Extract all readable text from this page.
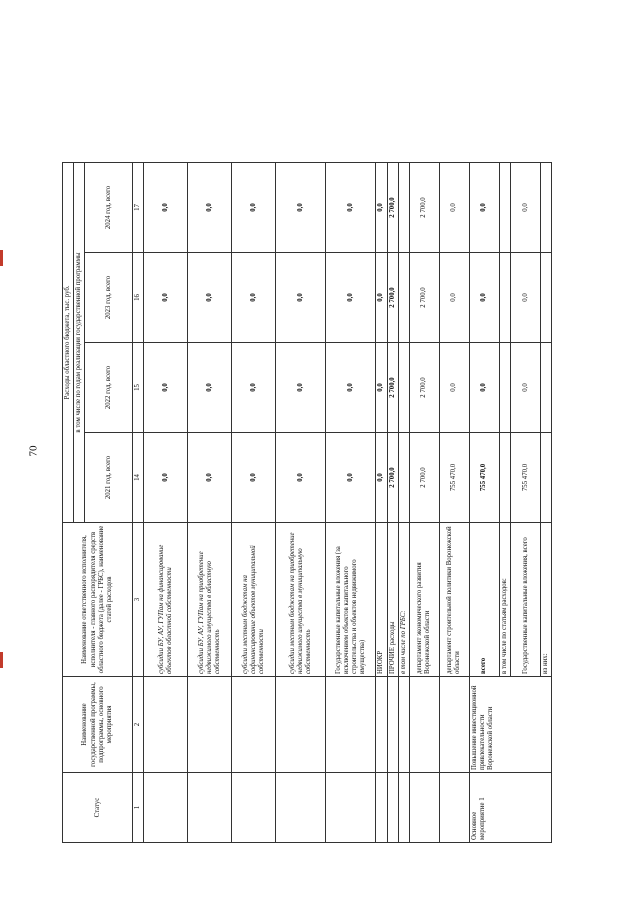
70
Статус	Наименование государственной программы, подпрограммы, основного мероприятия	Наименование ответственного исполнителя, исполнителя - главного распорядителя средств областного бюджета (далее - ГРБС), наименование статей расходов	Расходы областного бюджета, тыс. руб.			
			в том числе по годам реализации государственной программы			
			2021 год, всего	2022 год, всего	2023 год, всего	2024 год, всего
1	2	3	14	15	16	17
		субсидии БУ, АУ, ГУПам на финансирование объектов областной собственности	0,0	0,0	0,0	0,0
		субсидии БУ, АУ, ГУПам на приобретение недвижимого имущества в областную собственность	0,0	0,0	0,0	0,0
		субсидии местным бюджетам на софинансирование объектов муниципальной собственности	0,0	0,0	0,0	0,0
		субсидии местным бюджетам на приобретение недвижимого имущества в муниципальную собственность	0,0	0,0	0,0	0,0
		Государственные капитальные вложения (за исключением объектов капитального строительства и объектов недвижимого имущества)	0,0	0,0	0,0	0,0
		НИОКР	0,0	0,0	0,0	0,0
		ПРОЧИЕ расходы	2 700,0	2 700,0	2 700,0	2 700,0
		в том числе по ГРБС:				
		департамент экономического развития Воронежской области	2 700,0	2 700,0	2 700,0	2 700,0
		департамент строительной политики Воронежской области	755 470,0	0,0	0,0	0,0
Основное мероприятие 1	Повышение инвестиционной привлекательности Воронежской области	всего	755 470,0	0,0	0,0	0,0
		в том числе по статьям расходов:				
		Государственные капитальные вложения, всего	755 470,0	0,0	0,0	0,0
		из них:				
